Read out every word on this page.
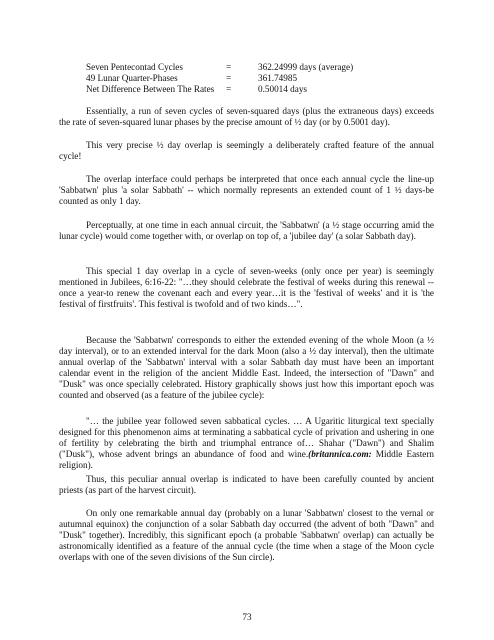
Seven Pentecontad Cycles	=	362.24999 days (average)
49 Lunar Quarter-Phases	=	361.74985
Net Difference Between The Rates	=	0.50014 days

Essentially, a run of seven cycles of seven-squared days (plus the extraneous days) exceeds the rate of seven-squared lunar phases by the precise amount of ½ day (or by 0.5001 day).

This very precise ½ day overlap is seemingly a deliberately crafted feature of the annual cycle!

The overlap interface could perhaps be interpreted that once each annual cycle the line-up 'Sabbatwn' plus 'a solar Sabbath' -- which normally represents an extended count of 1 ½ days-be counted as only 1 day.

Perceptually, at one time in each annual circuit, the 'Sabbatwn' (a ½ stage occurring amid the lunar cycle) would come together with, or overlap on top of, a 'jubilee day' (a solar Sabbath day).

This special 1 day overlap in a cycle of seven-weeks (only once per year) is seemingly mentioned in Jubilees, 6:16-22: "…they should celebrate the festival of weeks during this renewal -- once a year-to renew the covenant each and every year…it is the 'festival of weeks' and it is 'the festival of firstfruits'. This festival is twofold and of two kinds…".

Because the 'Sabbatwn' corresponds to either the extended evening of the whole Moon (a ½ day interval), or to an extended interval for the dark Moon (also a ½ day interval), then the ultimate annual overlap of the 'Sabbatwn' interval with a solar Sabbath day must have been an important calendar event in the religion of the ancient Middle East. Indeed, the intersection of "Dawn" and "Dusk" was once specially celebrated. History graphically shows just how this important epoch was counted and observed (as a feature of the jubilee cycle):

"… the jubilee year followed seven sabbatical cycles. … A Ugaritic liturgical text specially designed for this phenomenon aims at terminating a sabbatical cycle of privation and ushering in one of fertility by celebrating the birth and triumphal entrance of… Shahar ("Dawn") and Shalim ("Dusk"), whose advent brings an abundance of food and wine.(britannica.com: Middle Eastern religion).

Thus, this peculiar annual overlap is indicated to have been carefully counted by ancient priests (as part of the harvest circuit).

On only one remarkable annual day (probably on a lunar 'Sabbatwn' closest to the vernal or autumnal equinox) the conjunction of a solar Sabbath day occurred (the advent of both "Dawn" and "Dusk" together). Incredibly, this significant epoch (a probable 'Sabbatwn' overlap) can actually be astronomically identified as a feature of the annual cycle (the time when a stage of the Moon cycle overlaps with one of the seven divisions of the Sun circle).

73
